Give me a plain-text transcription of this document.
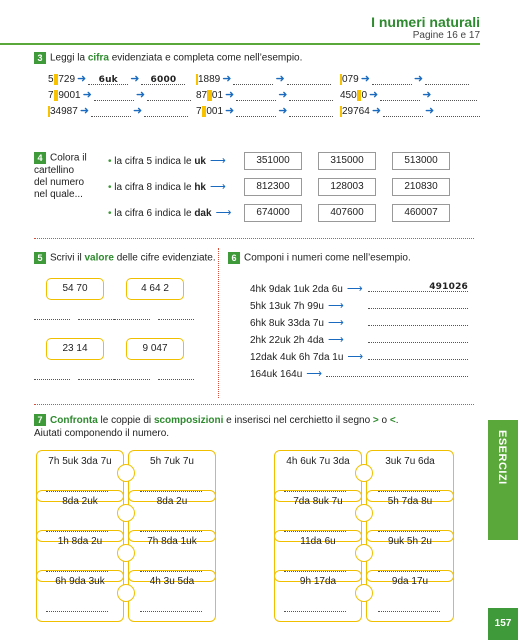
I numeri naturali
Pagine 16 e 17
3 Leggi la cifra evidenziata e completa come nell’esempio.
5 729 ➜ 6uk ➜ 6000	1889 ➜	➜	079 ➜	➜
7 9001 ➜	➜	87 01 ➜	➜	450 0 ➜	➜
34987 ➜	➜	7 001 ➜	➜	29764 ➜	➜
4 Colora il
cartellino
del numero
nel quale...
• la cifra 5 indica le uk ⟶	351000	315000	513000
• la cifra 8 indica le hk ⟶	812300	128003	210830
• la cifra 6 indica le dak ⟶	674000	407600	460007
5 Scrivi il valore delle cifre evidenziate.
54 70	4 64 2
23 14	9 047
6 Componi i numeri come nell’esempio.
4hk 9dak 1uk 2da 6u ⟶	491026
5hk 13uk 7h 99u ⟶
6hk 8uk 33da 7u ⟶
2hk 22uk 2h 4da ⟶
12dak 4uk 6h 7da 1u ⟶
164uk 164u ⟶
7 Confronta le coppie di scomposizioni e inserisci nel cerchietto il segno > o <.
Aiutati componendo il numero.
7h 5uk 3da 7u	5h 7uk 7u	4h 6uk 7u 3da	3uk 7u 6da
8da 2uk	8da 2u	7da 8uk 7u	5h 7da 8u
1h 8da 2u	7h 8da 1uk	11da 6u	9uk 5h 2u
6h 9da 3uk	4h 3u 5da	9h 17da	9da 17u
ESERCIZI
157
